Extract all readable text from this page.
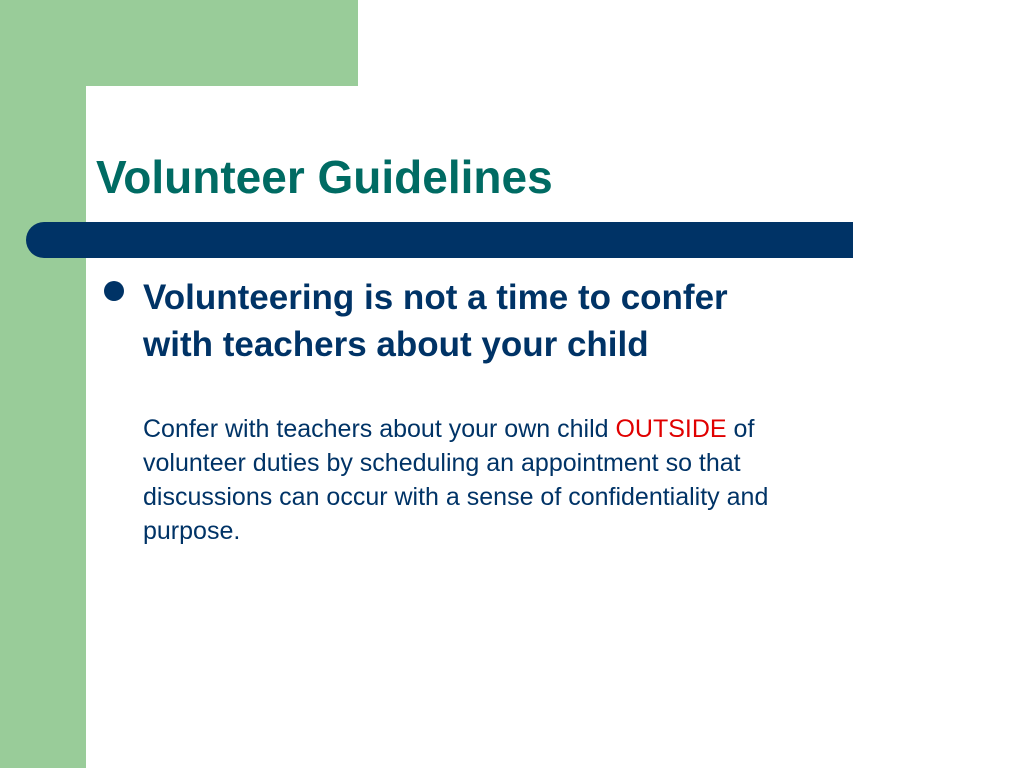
Volunteer Guidelines

Volunteering is not a time to confer
with teachers about your child

Confer with teachers about your own child OUTSIDE of volunteer duties by scheduling an appointment so that discussions can occur with a sense of confidentiality and purpose.
